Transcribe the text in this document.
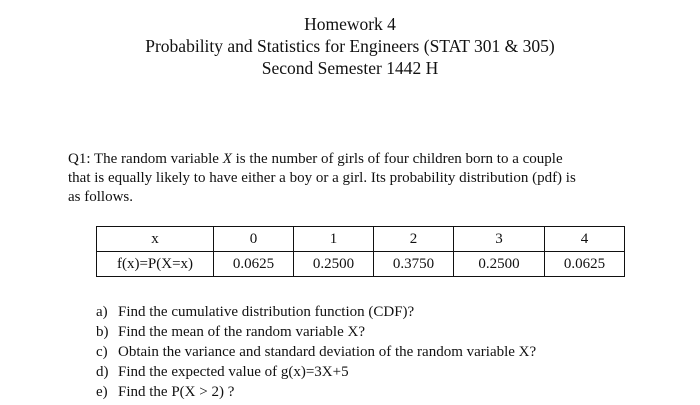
Homework 4
Probability and Statistics for Engineers (STAT 301 & 305)
Second Semester 1442 H
Q1: The random variable X is the number of girls of four children born to a couple
that is equally likely to have either a boy or a girl. Its probability distribution (pdf) is
as follows.
x	0	1	2	3	4
f(x)=P(X=x)	0.0625	0.2500	0.3750	0.2500	0.0625
a) Find the cumulative distribution function (CDF)?
b) Find the mean of the random variable X?
c) Obtain the variance and standard deviation of the random variable X?
d) Find the expected value of g(x)=3X+5
e) Find the P(X > 2) ?
